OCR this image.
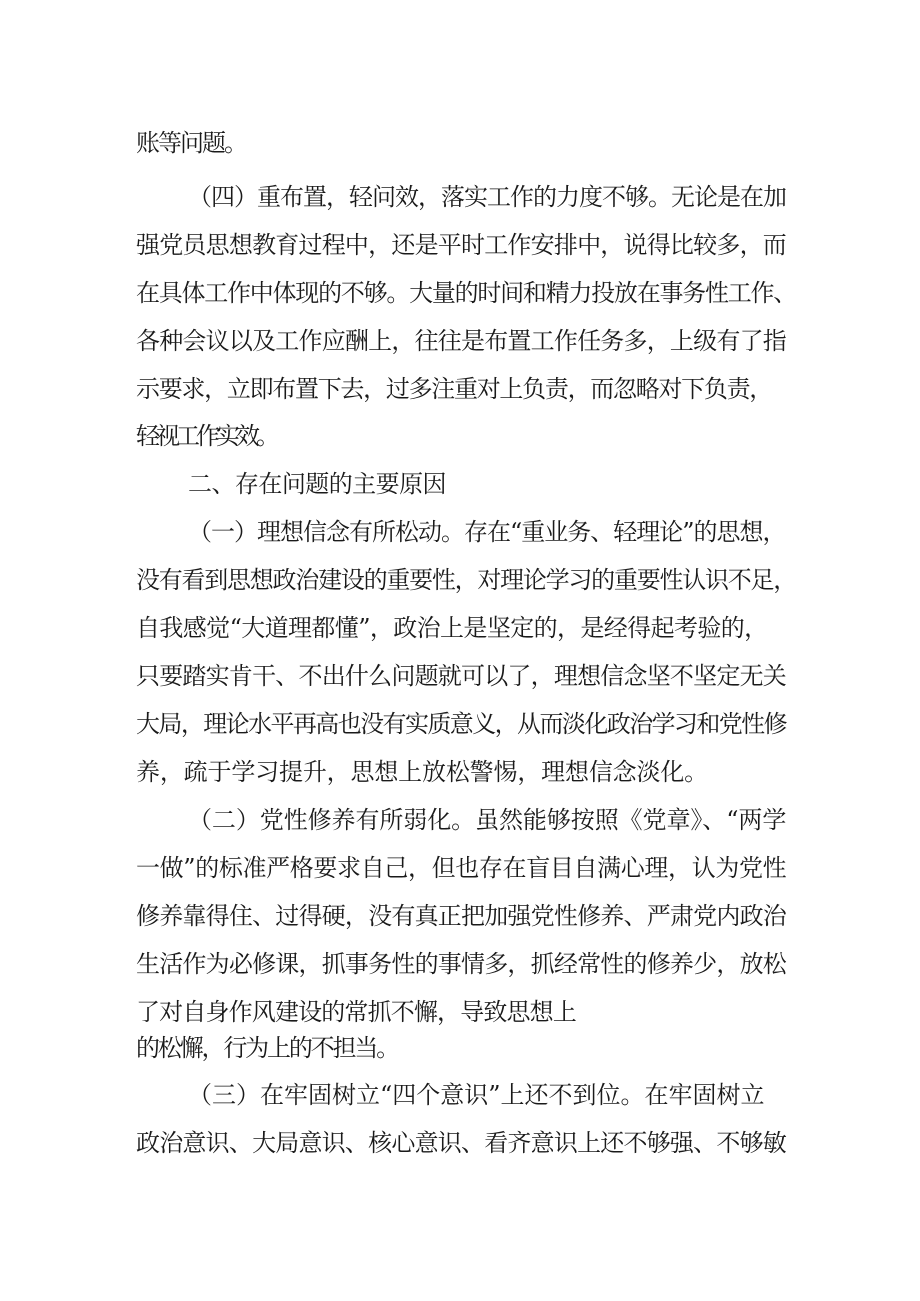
账等问题。
（四）重布置，轻问效，落实工作的力度不够。无论是在加
强党员思想教育过程中，还是平时工作安排中，说得比较多，而
在具体工作中体现的不够。大量的时间和精力投放在事务性工作、
各种会议以及工作应酬上，往往是布置工作任务多，上级有了指
示要求，立即布置下去，过多注重对上负责，而忽略对下负责，
轻视工作实效。
二、存在问题的主要原因
（一）理想信念有所松动。存在“重业务、轻理论”的思想，
没有看到思想政治建设的重要性，对理论学习的重要性认识不足，
自我感觉“大道理都懂”，政治上是坚定的，是经得起考验的，
只要踏实肯干、不出什么问题就可以了，理想信念坚不坚定无关
大局，理论水平再高也没有实质意义，从而淡化政治学习和党性修
养，疏于学习提升，思想上放松警惕，理想信念淡化。
（二）党性修养有所弱化。虽然能够按照《党章》、“两学
一做”的标准严格要求自己，但也存在盲目自满心理，认为党性
修养靠得住、过得硬，没有真正把加强党性修养、严肃党内政治
生活作为必修课，抓事务性的事情多，抓经常性的修养少，放松
了对自身作风建设的常抓不懈，导致思想上
的松懈，行为上的不担当。
（三）在牢固树立“四个意识”上还不到位。在牢固树立
政治意识、大局意识、核心意识、看齐意识上还不够强、不够敏
